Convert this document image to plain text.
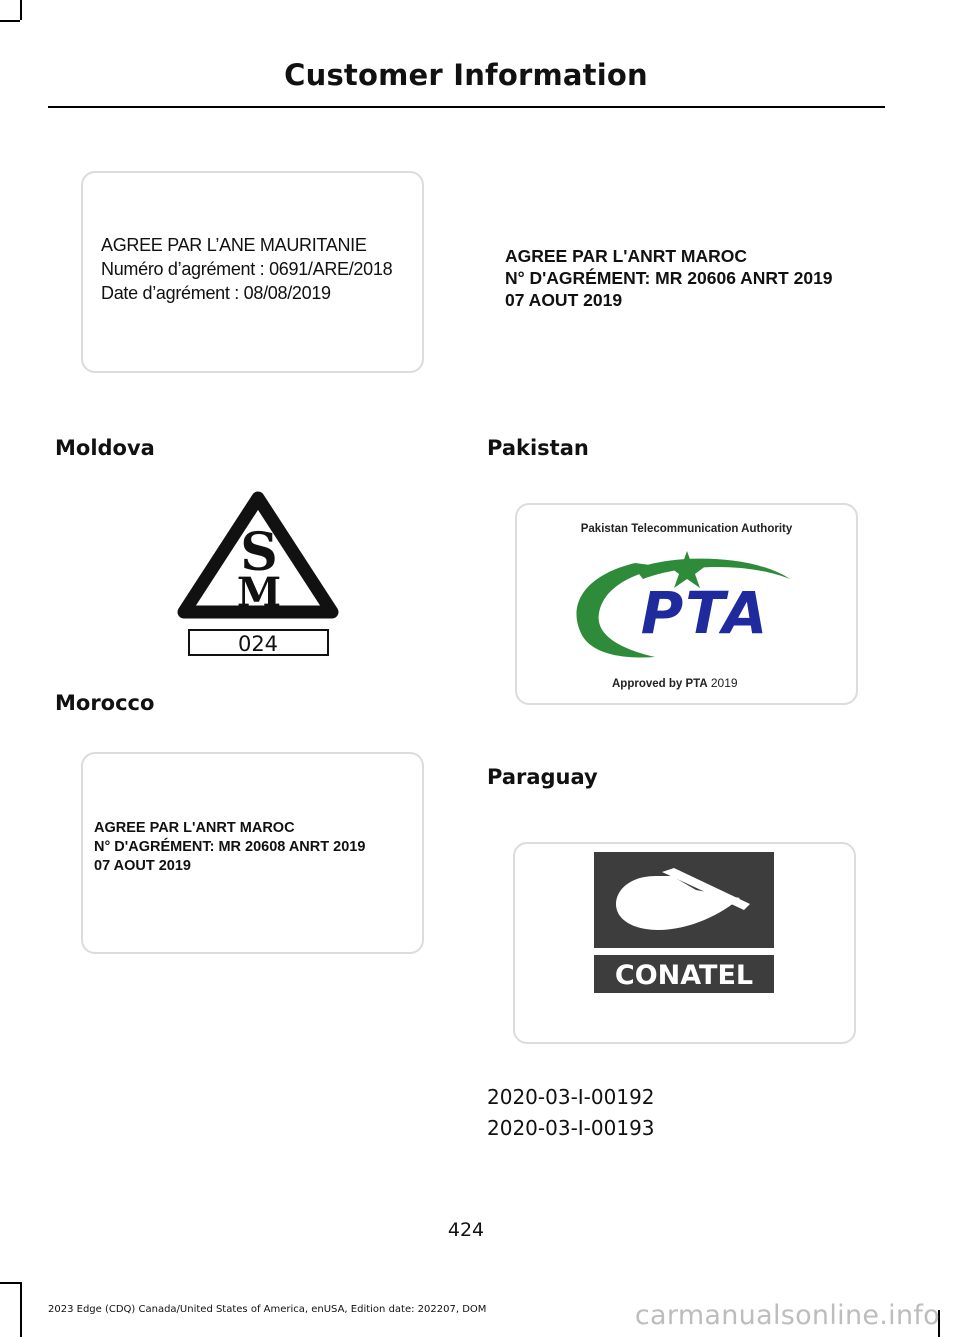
Customer Information
AGREE PAR L’ANE MAURITANIE
Numéro d’agrément : 0691/ARE/2018
Date d’agrément : 08/08/2019
AGREE PAR L'ANRT MAROC
N° D'AGRÉMENT: MR 20606 ANRT 2019
07 AOUT 2019
Moldova
S
M
024
Morocco
AGREE PAR L'ANRT MAROC
N° D'AGRÉMENT: MR 20608 ANRT 2019
07 AOUT 2019
Pakistan
Pakistan Telecommunication Authority
PTA
Approved by PTA 2019
Paraguay
CONATEL
2020-03-I-00192
2020-03-I-00193
424
2023 Edge (CDQ) Canada/United States of America, enUSA, Edition date: 202207, DOM	carmanualsonline.info
